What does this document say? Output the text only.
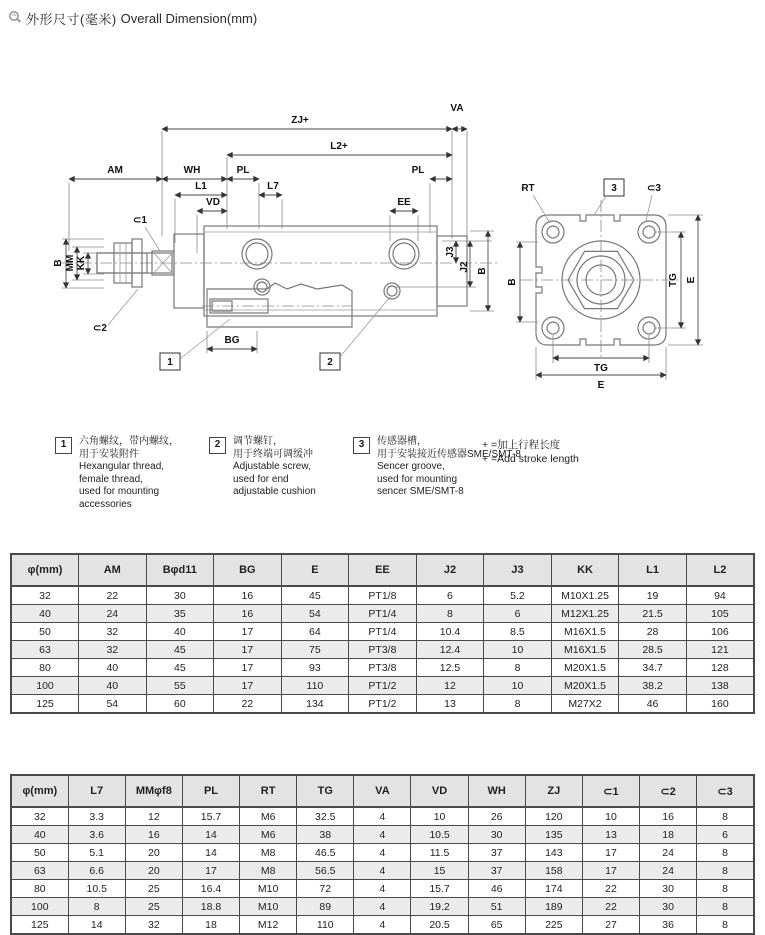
外形尺寸(毫米) Overall Dimension(mm)
ZJ+
VA
L2+
AM	WH	PL	PL
L1	L7
VD	EE
B MM KK
J3
J2 B
BG
⊂1
⊂2
1	2
RT	3	⊂3
B	TG E
TG
E
1	六角螺纹，带内螺纹，
用于安装附件
Hexangular thread,
female thread,
used for mounting
accessories
2	调节螺钉，
用于终端可调缓冲
Adjustable screw,
used for end
adjustable cushion
3	传感器槽，
用于安装接近传感器SME/SMT-8
Sencer groove,
used for mounting
sencer SME/SMT-8
+ =加上行程长度
+ =Add stroke length
φ(mm)	AM	Bφd11	BG	E	EE	J2	J3	KK	L1	L2
32	22	30	16	45	PT1/8	6	5.2	M10X1.25	19	94
40	24	35	16	54	PT1/4	8	6	M12X1.25	21.5	105
50	32	40	17	64	PT1/4	10.4	8.5	M16X1.5	28	106
63	32	45	17	75	PT3/8	12.4	10	M16X1.5	28.5	121
80	40	45	17	93	PT3/8	12.5	8	M20X1.5	34.7	128
100	40	55	17	110	PT1/2	12	10	M20X1.5	38.2	138
125	54	60	22	134	PT1/2	13	8	M27X2	46	160
φ(mm)	L7	MMφf8	PL	RT	TG	VA	VD	WH	ZJ	⊂1	⊂2	⊂3
32	3.3	12	15.7	M6	32.5	4	10	26	120	10	16	8
40	3.6	16	14	M6	38	4	10.5	30	135	13	18	6
50	5.1	20	14	M8	46.5	4	11.5	37	143	17	24	8
63	6.6	20	17	M8	56.5	4	15	37	158	17	24	8
80	10.5	25	16.4	M10	72	4	15.7	46	174	22	30	8
100	8	25	18.8	M10	89	4	19.2	51	189	22	30	8
125	14	32	18	M12	110	4	20.5	65	225	27	36	8
